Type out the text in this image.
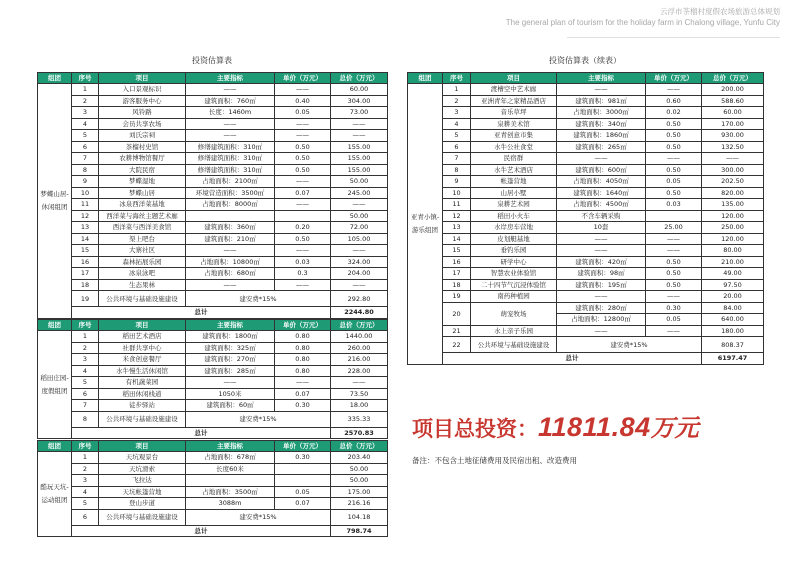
云浮市茶榴村度假农场旅游总体规划
The general plan of tourism for the holiday farm in Chalong village, Yunfu City
投资估算表	投资估算表（续表）
组团	序号	项目	主要指标	单价（万元）	总价（万元）

梦蝶山居-
休闲组团	1	入口景观标识	——	——	60.00
	2	游客服务中心	建筑面积：760㎡	0.40	304.00
	3	风铃路	长度：1460m	0.05	73.00
	4	会员共享农场	——	——	——
	5	刘氏宗祠	——	——	——
	6	茶榴村史馆	修缮建筑面积：310㎡	0.50	155.00
	7	农耕博物馆餐厅	修缮建筑面积：310㎡	0.50	155.00
	8	大院民宿	修缮建筑面积：310㎡	0.50	155.00
	9	梦蝶湿地	占地面积：2100㎡	——	50.00
	10	梦蝶山居	环境营造面积：3500㎡	0.07	245.00
	11	冰泉西洋菜基地	占地面积：8000㎡	——	——
	12	西洋菜与海丝主题艺术廊			50.00
	13	西洋菜与西洋美食馆	建筑面积：360㎡	0.20	72.00
	14	渠上吧台	建筑面积：210㎡	0.50	105.00
	15	大寨社区	——	——	——
	16	森林拓展乐园	占地面积：10800㎡	0.03	324.00
	17	冰泉泳吧	占地面积：680㎡	0.3	204.00
	18	生态果林	——	——	——
	19	公共环境与基础设施建设	建安费*15%		292.80
	总计				2244.80
组团	序号	项目	主要指标	单价（万元）	总价（万元）

稻田庄园-
度假组团	1	稻田艺术酒店	建筑面积：1800㎡	0.80	1440.00
	2	社群共享中心	建筑面积：325㎡	0.80	260.00
	3	米食创意餐厅	建筑面积：270㎡	0.80	216.00
	4	水牛慢生活休闲馆	建筑面积：285㎡	0.80	228.00
	5	有机蔬菜园	——	——	——
	6	稻田休闲栈道	1050米	0.07	73.50
	7	徒步驿站	建筑面积：60㎡	0.30	18.00
	8	公共环境与基础设施建设	建安费*15%		335.33
	总计				2570.83
组团	序号	项目	主要指标	单价（万元）	总价（万元）

酷玩天坑-
运动组团	1	天坑观景台	占地面积：678㎡	0.30	203.40
	2	天坑滑索	长度60米		50.00
	3	飞拉达			50.00
	4	天坑帐篷营地	占地面积：3500㎡	0.05	175.00
	5	登山步道	3088m	0.07	216.16
	6	公共环境与基础设施建设	建安费*15%		104.18
	总计				798.74
组团	序号	项目	主要指标	单价（万元）	总价（万元）

亚青小镇-
游乐组团	1	渡槽空中艺术廊	——	——	200.00
	2	亚洲青年之家精品酒店	建筑面积：981㎡	0.60	588.60
	3	音乐草坪	占地面积：3000㎡	0.02	60.00
	4	泉耕美术馆	建筑面积：340㎡	0.50	170.00
	5	亚青创意市集	建筑面积：1860㎡	0.50	930.00
	6	水牛公社食堂	建筑面积：265㎡	0.50	132.50
	7	民宿群	——	——	——
	8	水牛艺术酒店	建筑面积：600㎡	0.50	300.00
	9	帐篷营地	占地面积：4050㎡	0.05	202.50
	10	山居小墅	建筑面积：1640㎡	0.50	820.00
	11	泉耕艺术园	占地面积：4500㎡	0.03	135.00
	12	稻田小火车	不含车辆采购		120.00
	13	水岸房车营地	10套	25.00	250.00
	14	皮划艇基地	——	——	120.00
	15	垂钓乐园	——	——	80.00
	16	研学中心	建筑面积：420㎡	0.50	210.00
	17	智慧农业体验馆	建筑面积：98㎡	0.50	49.00
	18	二十四节气沉浸体验馆	建筑面积：195㎡	0.50	97.50
	19	南药种植园	——	——	20.00
	20	萌宠牧场	建筑面积：280㎡	0.30	84.00
			占地面积：12800㎡	0.05	640.00
	21	水上亲子乐园	——	——	180.00
	22	公共环境与基础设施建设	建安费*15%		808.37
	总计				6197.47
项目总投资：11811.84万元
备注：不包含土地征储费用及民宿出租、改造费用
